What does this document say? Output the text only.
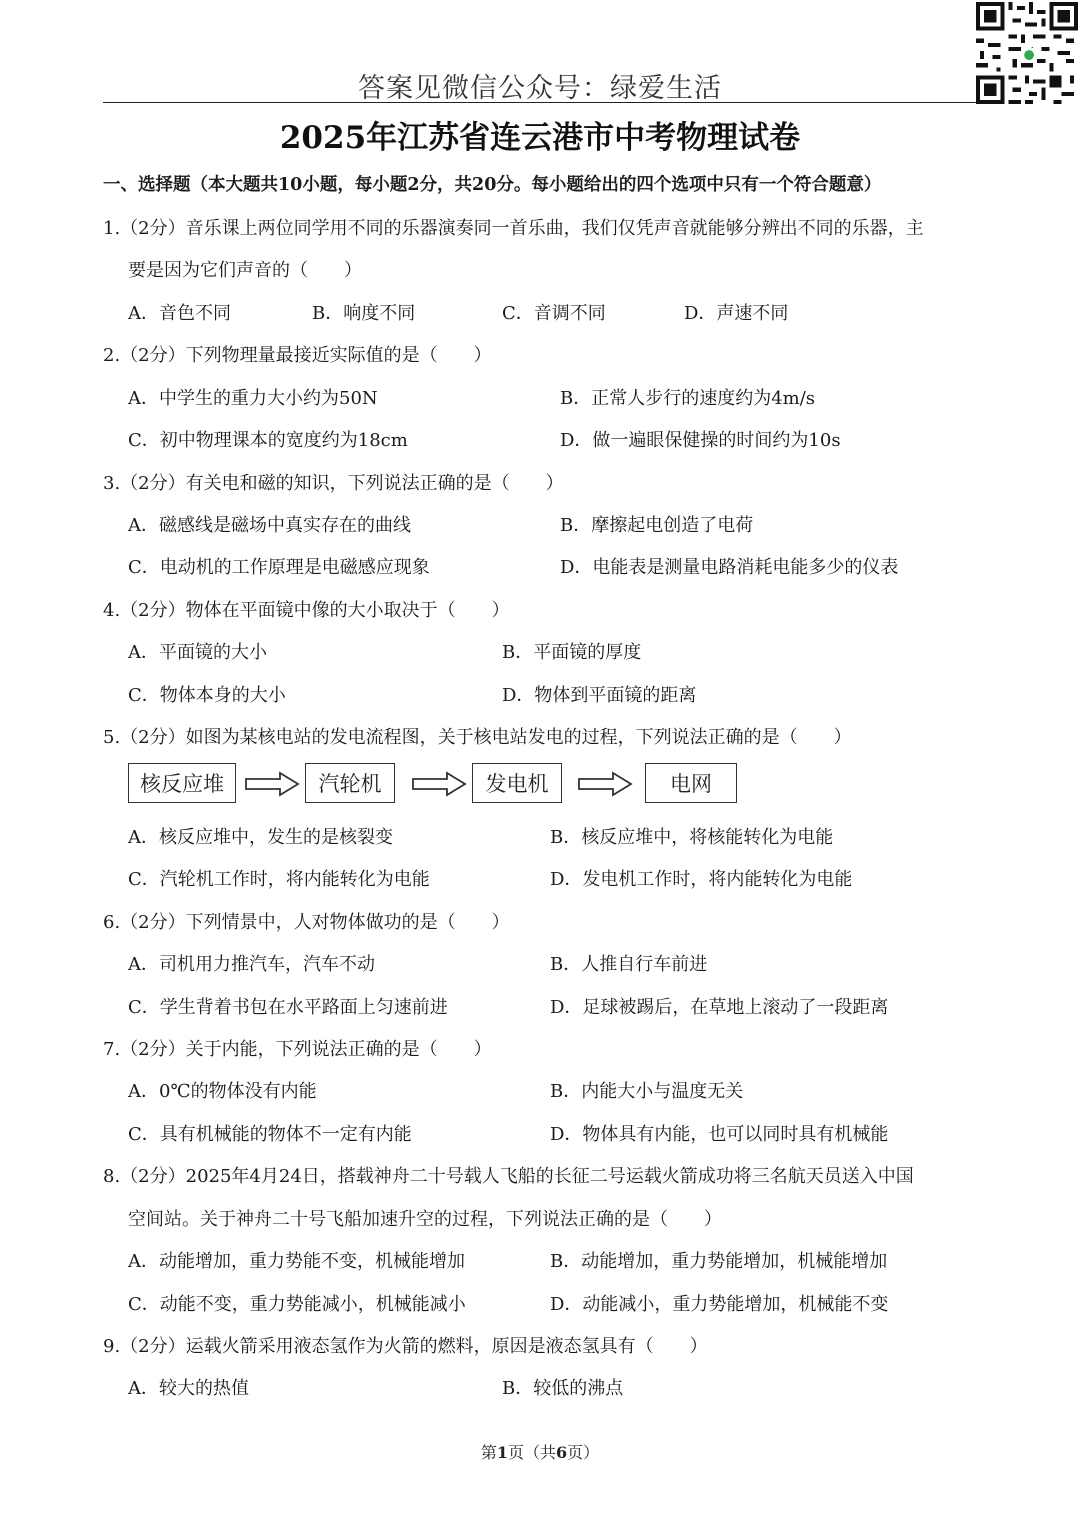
答案见微信公众号：绿爱生活
2025年江苏省连云港市中考物理试卷
一、选择题（本大题共10小题，每小题2分，共20分。每小题给出的四个选项中只有一个符合题意）
1.（2分）音乐课上两位同学用不同的乐器演奏同一首乐曲，我们仅凭声音就能够分辨出不同的乐器，主
要是因为它们声音的（　　）
A．音色不同	B．响度不同	C．音调不同	D．声速不同
2.（2分）下列物理量最接近实际值的是（　　）
A．中学生的重力大小约为50N	B．正常人步行的速度约为4m/s
C．初中物理课本的宽度约为18cm	D．做一遍眼保健操的时间约为10s
3.（2分）有关电和磁的知识，下列说法正确的是（　　）
A．磁感线是磁场中真实存在的曲线	B．摩擦起电创造了电荷
C．电动机的工作原理是电磁感应现象	D．电能表是测量电路消耗电能多少的仪表
4.（2分）物体在平面镜中像的大小取决于（　　）
A．平面镜的大小	B．平面镜的厚度
C．物体本身的大小	D．物体到平面镜的距离
5.（2分）如图为某核电站的发电流程图，关于核电站发电的过程，下列说法正确的是（　　）
核反应堆	汽轮机	发电机	电网
A．核反应堆中，发生的是核裂变	B．核反应堆中，将核能转化为电能
C．汽轮机工作时，将内能转化为电能	D．发电机工作时，将内能转化为电能
6.（2分）下列情景中，人对物体做功的是（　　）
A．司机用力推汽车，汽车不动	B．人推自行车前进
C．学生背着书包在水平路面上匀速前进	D．足球被踢后，在草地上滚动了一段距离
7.（2分）关于内能，下列说法正确的是（　　）
A．0℃的物体没有内能	B．内能大小与温度无关
C．具有机械能的物体不一定有内能	D．物体具有内能，也可以同时具有机械能
8.（2分）2025年4月24日，搭载神舟二十号载人飞船的长征二号运载火箭成功将三名航天员送入中国
空间站。关于神舟二十号飞船加速升空的过程，下列说法正确的是（　　）
A．动能增加，重力势能不变，机械能增加	B．动能增加，重力势能增加，机械能增加
C．动能不变，重力势能减小，机械能减小	D．动能减小，重力势能增加，机械能不变
9.（2分）运载火箭采用液态氢作为火箭的燃料，原因是液态氢具有（　　）
A．较大的热值	B．较低的沸点
第1页（共6页）
